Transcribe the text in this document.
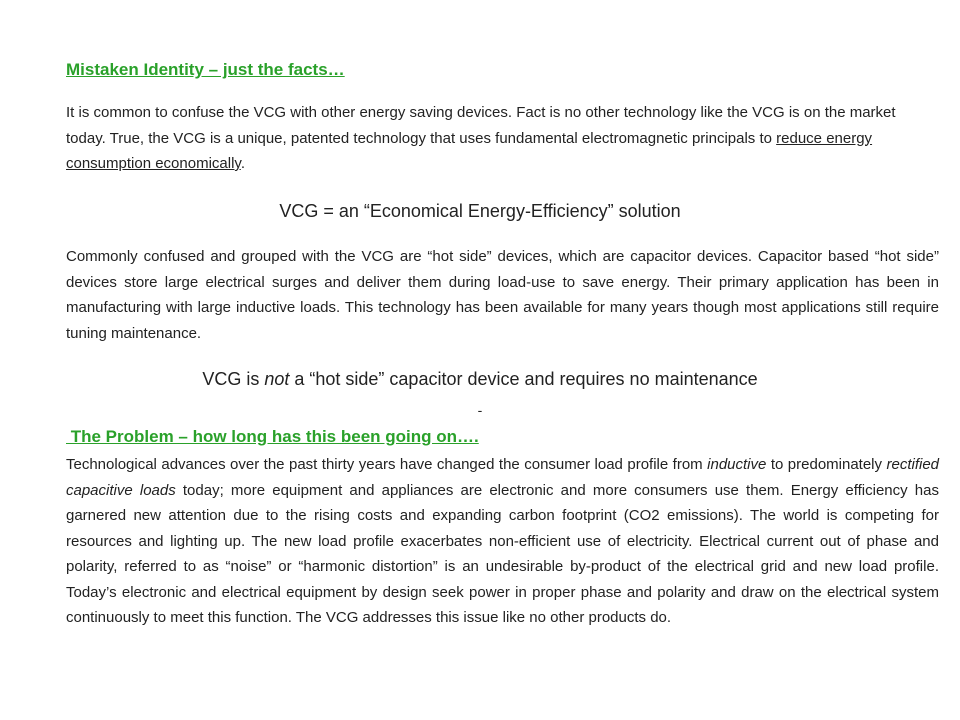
Mistaken Identity – just the facts…
It is common to confuse the VCG with other energy saving devices. Fact is no other technology like the VCG is on the market today. True, the VCG is a unique, patented technology that uses fundamental electromagnetic principals to reduce energy consumption economically.
VCG = an “Economical Energy-Efficiency” solution
Commonly confused and grouped with the VCG are “hot side” devices, which are capacitor devices. Capacitor based “hot side” devices store large electrical surges and deliver them during load-use to save energy. Their primary application has been in manufacturing with large inductive loads. This technology has been available for many years though most applications still require tuning maintenance.
VCG is not a “hot side” capacitor device and requires no maintenance
-
The Problem – how long has this been going on….
Technological advances over the past thirty years have changed the consumer load profile from inductive to predominately rectified capacitive loads today; more equipment and appliances are electronic and more consumers use them. Energy efficiency has garnered new attention due to the rising costs and expanding carbon footprint (CO2 emissions). The world is competing for resources and lighting up. The new load profile exacerbates non-efficient use of electricity. Electrical current out of phase and polarity, referred to as “noise” or “harmonic distortion” is an undesirable by-product of the electrical grid and new load profile. Today’s electronic and electrical equipment by design seek power in proper phase and polarity and draw on the electrical system continuously to meet this function. The VCG addresses this issue like no other products do.
